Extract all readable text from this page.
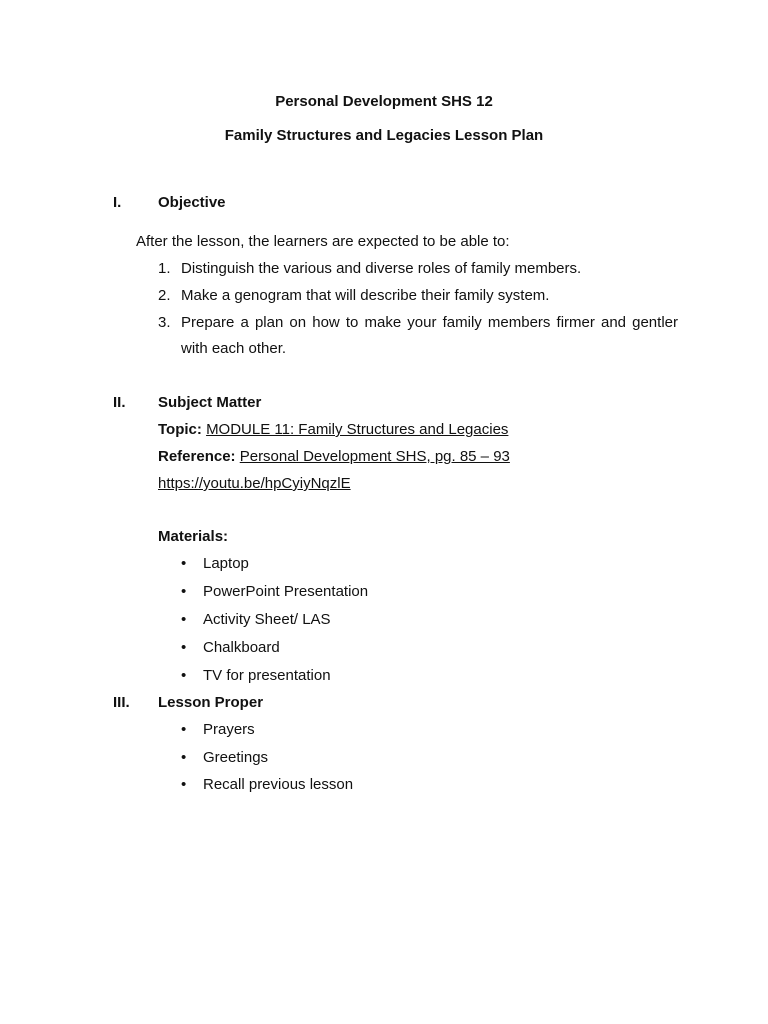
Personal Development SHS 12
Family Structures and Legacies Lesson Plan
I. Objective
After the lesson, the learners are expected to be able to:
1. Distinguish the various and diverse roles of family members.
2. Make a genogram that will describe their family system.
3. Prepare a plan on how to make your family members firmer and gentler
with each other.
II. Subject Matter
Topic: MODULE 11: Family Structures and Legacies
Reference: Personal Development SHS, pg. 85 – 93
https://youtu.be/hpCyiyNqzlE
Materials:
• Laptop
• PowerPoint Presentation
• Activity Sheet/ LAS
• Chalkboard
• TV for presentation
III. Lesson Proper
• Prayers
• Greetings
• Recall previous lesson
